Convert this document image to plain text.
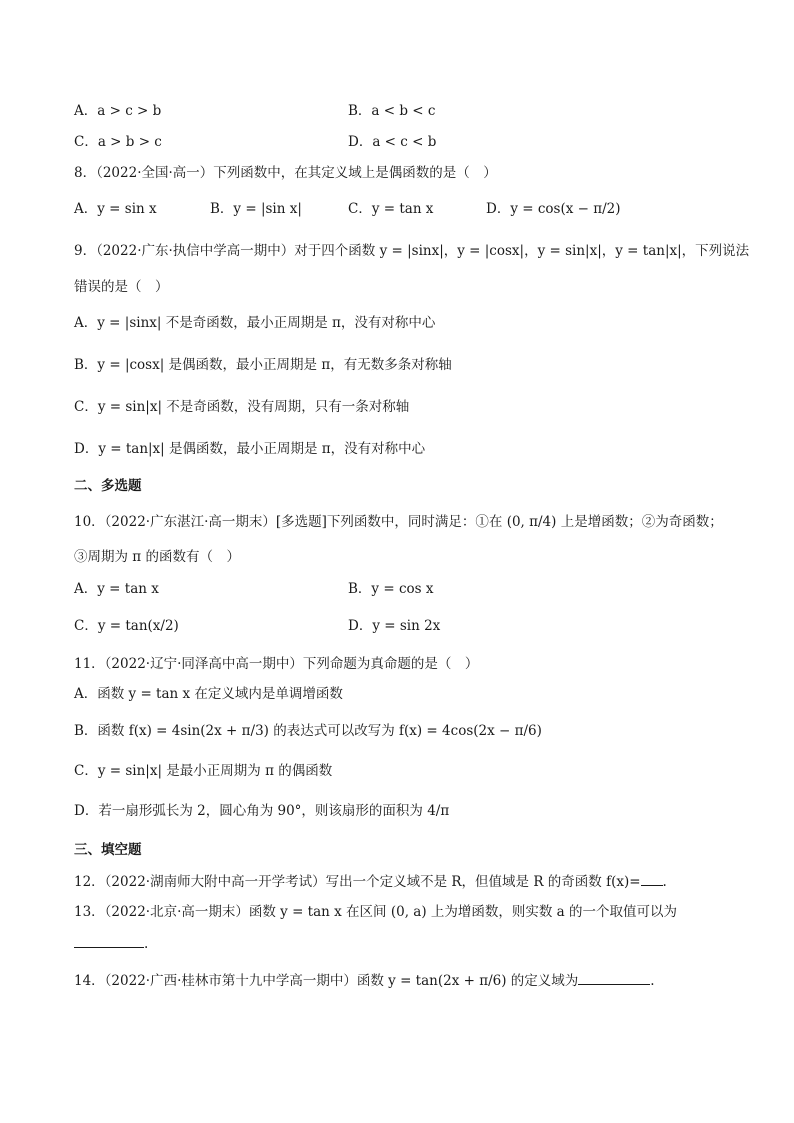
A．a > c > b	B．a < b < c
C．a > b > c	D．a < c < b
8．（2022·全国·高一）下列函数中，在其定义域上是偶函数的是（　）
A．y = sin x	B．y = |sin x|	C．y = tan x	D．y = cos(x − π/2)
9．（2022·广东·执信中学高一期中）对于四个函数 y = |sinx|，y = |cosx|，y = sin|x|，y = tan|x|，下列说法
错误的是（　）
A．y = |sinx| 不是奇函数，最小正周期是 π，没有对称中心
B．y = |cosx| 是偶函数，最小正周期是 π，有无数多条对称轴
C．y = sin|x| 不是奇函数，没有周期，只有一条对称轴
D．y = tan|x| 是偶函数，最小正周期是 π，没有对称中心
二、多选题
10．（2022·广东湛江·高一期末）[多选题]下列函数中，同时满足：①在 (0, π/4) 上是增函数；②为奇函数；
③周期为 π 的函数有（　）
A．y = tan x	B．y = cos x
C．y = tan(x/2)	D．y = sin 2x
11．（2022·辽宁·同泽高中高一期中）下列命题为真命题的是（　）
A．函数 y = tan x 在定义域内是单调增函数
B．函数 f(x) = 4sin(2x + π/3) 的表达式可以改写为 f(x) = 4cos(2x − π/6)
C．y = sin|x| 是最小正周期为 π 的偶函数
D．若一扇形弧长为 2，圆心角为 90°，则该扇形的面积为 4/π
三、填空题
12．（2022·湖南师大附中高一开学考试）写出一个定义域不是 R，但值域是 R 的奇函数 f(x)= .
13．（2022·北京·高一期末）函数 y = tan x 在区间 (0, a) 上为增函数，则实数 a 的一个取值可以为
.
14．（2022·广西·桂林市第十九中学高一期中）函数 y = tan(2x + π/6) 的定义域为	.
